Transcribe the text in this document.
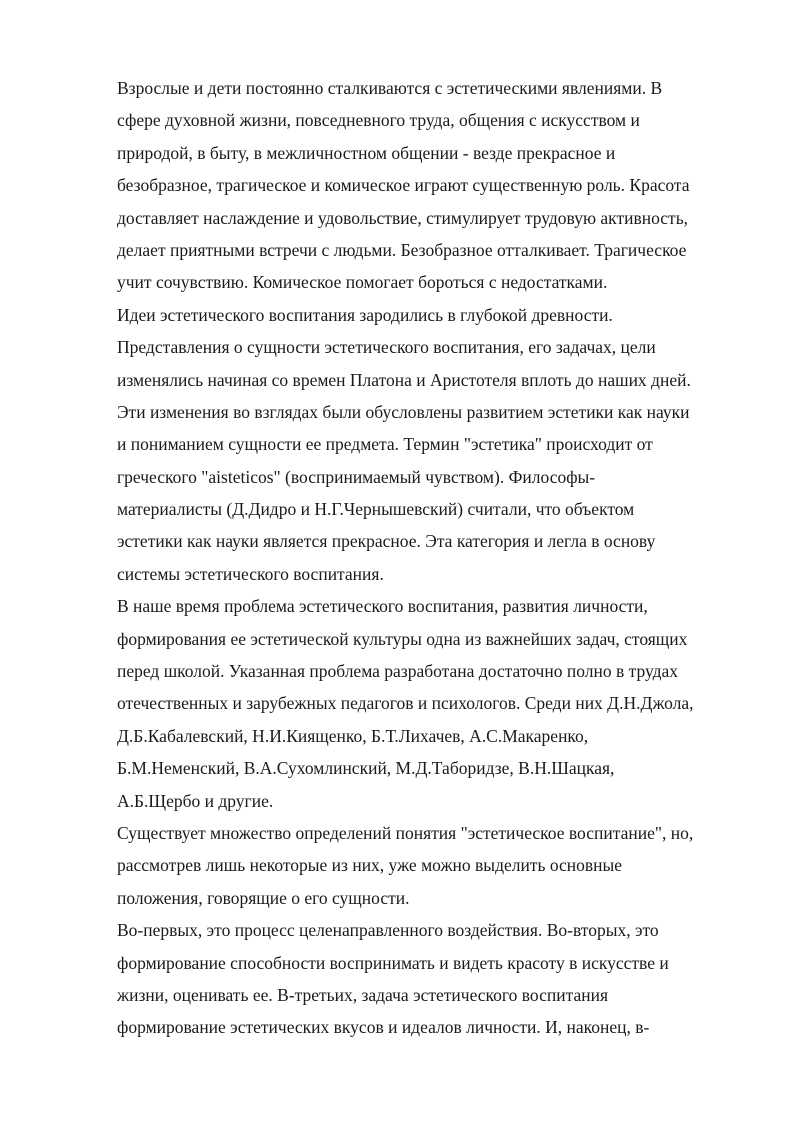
Взрослые и дети постоянно сталкиваются с эстетическими явлениями. В
сфере духовной жизни, повседневного труда, общения с искусством и
природой, в быту, в межличностном общении - везде прекрасное и
безобразное, трагическое и комическое играют существенную роль. Красота
доставляет наслаждение и удовольствие, стимулирует трудовую активность,
делает приятными встречи с людьми. Безобразное отталкивает. Трагическое
учит сочувствию. Комическое помогает бороться с недостатками.
Идеи эстетического воспитания зародились в глубокой древности.
Представления о сущности эстетического воспитания, его задачах, цели
изменялись начиная со времен Платона и Аристотеля вплоть до наших дней.
Эти изменения во взглядах были обусловлены развитием эстетики как науки
и пониманием сущности ее предмета. Термин "эстетика" происходит от
греческого "aisteticos" (воспринимаемый чувством). Философы-
материалисты (Д.Дидро и Н.Г.Чернышевский) считали, что объектом
эстетики как науки является прекрасное. Эта категория и легла в основу
системы эстетического воспитания.
В наше время проблема эстетического воспитания, развития личности,
формирования ее эстетической культуры одна из важнейших задач, стоящих
перед школой. Указанная проблема разработана достаточно полно в трудах
отечественных и зарубежных педагогов и психологов. Среди них Д.Н.Джола,
Д.Б.Кабалевский, Н.И.Киященко, Б.Т.Лихачев, А.С.Макаренко,
Б.М.Неменский, В.А.Сухомлинский, М.Д.Таборидзе, В.Н.Шацкая,
А.Б.Щербо и другие.
Существует множество определений понятия "эстетическое воспитание", но,
рассмотрев лишь некоторые из них, уже можно выделить основные
положения, говорящие о его сущности.
Во-первых, это процесс целенаправленного воздействия. Во-вторых, это
формирование способности воспринимать и видеть красоту в искусстве и
жизни, оценивать ее. В-третьих, задача эстетического воспитания
формирование эстетических вкусов и идеалов личности. И, наконец, в-
